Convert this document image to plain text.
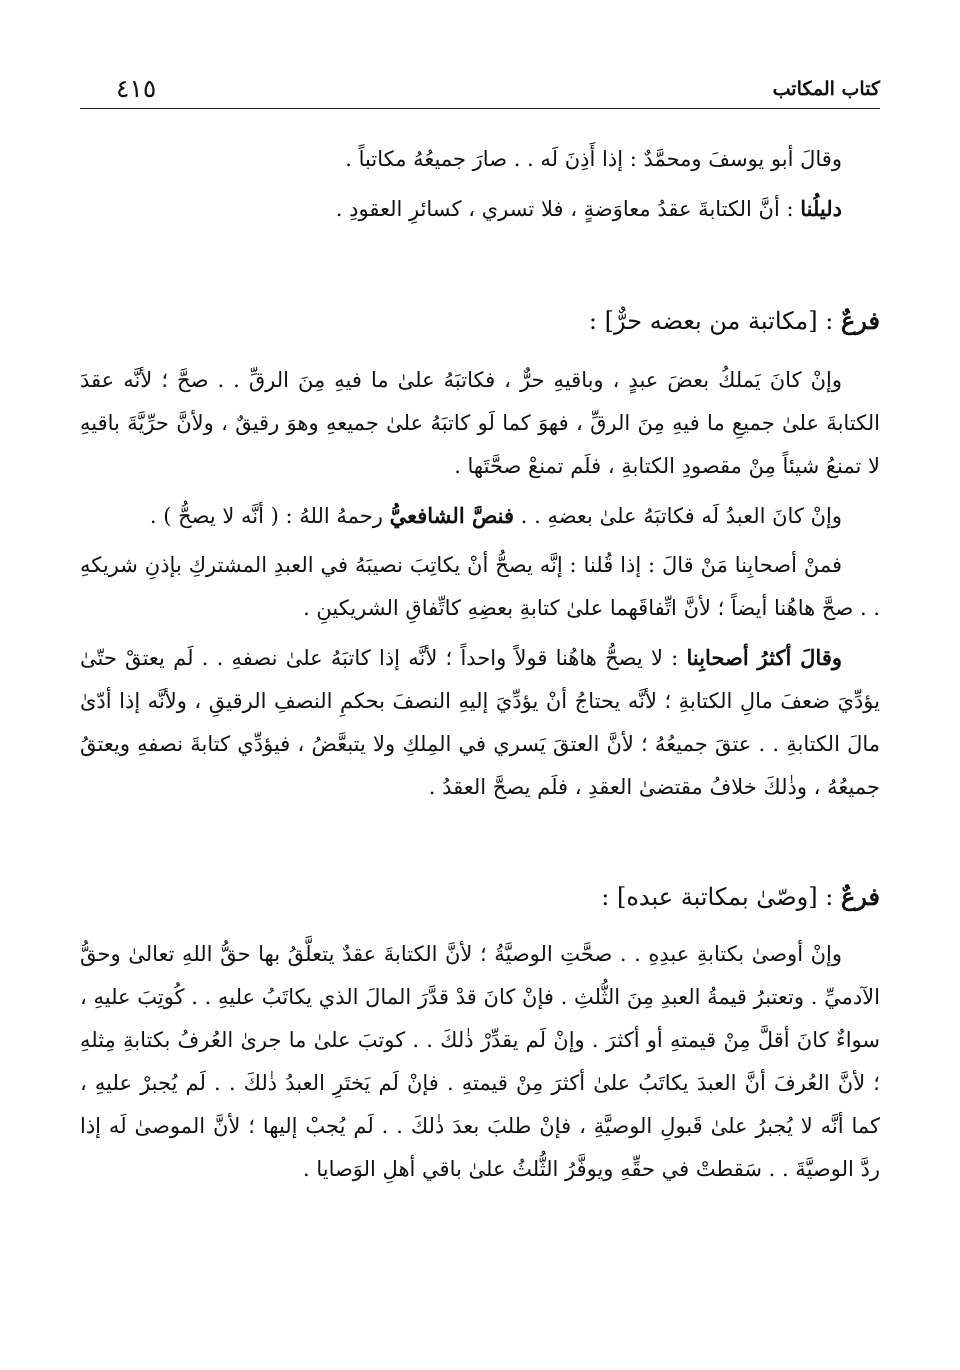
كتاب المكاتب
٤١٥

وقالَ أبو يوسفَ ومحمَّدٌ : إذا أَذِنَ لَه . . صارَ جميعُهُ مكاتباً .

دليلُنا : أنَّ الكتابةَ عقدُ معاوَضةٍ ، فلا تسري ، كسائرِ العقودِ .

فرعٌ : [مكاتبة من بعضه حرٌّ] :

وإنْ كانَ يَملكُ بعضَ عبدٍ ، وباقيهِ حرٌّ ، فكاتبَهُ علىٰ ما فيهِ مِنَ الرقِّ . . صحَّ ؛ لأنَّه عقدَ الكتابةَ علىٰ جميعِ ما فيهِ مِنَ الرقِّ ، فهوَ كما لَو كاتبَهُ علىٰ جميعهِ وهوَ رقيقٌ ، ولأنَّ حرِّيَّةَ باقيهِ لا تمنعُ شيئاً مِنْ مقصودِ الكتابةِ ، فلَم تمنعْ صحَّتَها .

وإنْ كانَ العبدُ لَه فكاتبَهُ علىٰ بعضهِ . . فنصَّ الشافعيُّ رحمهُ اللهُ : ( أنَّه لا يصحُّ ) .

فمنْ أصحابِنا مَنْ قالَ : إذا قُلنا : إنَّه يصحُّ أنْ يكاتِبَ نصيبَهُ في العبدِ المشتركِ بإذنِ شريكهِ . . صحَّ هاهُنا أيضاً ؛ لأنَّ اتِّفاقَهما علىٰ كتابةِ بعضِهِ كاتِّفاقِ الشريكينِ .

وقالَ أكثرُ أصحابِنا : لا يصحُّ هاهُنا قولاً واحداً ؛ لأنَّه إذا كاتبَهُ علىٰ نصفهِ . . لَم يعتقْ حتّىٰ يؤدِّيَ ضعفَ مالِ الكتابةِ ؛ لأنَّه يحتاجُ أنْ يؤدِّيَ إليهِ النصفَ بحكمِ النصفِ الرقيقِ ، ولأنَّه إذا أدّىٰ مالَ الكتابةِ . . عتقَ جميعُهُ ؛ لأنَّ العتقَ يَسري في المِلكِ ولا يتبعَّضُ ، فيؤدِّي كتابةَ نصفهِ ويعتقُ جميعُهُ ، وذٰلكَ خلافُ مقتضىٰ العقدِ ، فلَم يصحَّ العقدُ .

فرعٌ : [وصّىٰ بمكاتبة عبده] :

وإنْ أوصىٰ بكتابةِ عبدِهِ . . صحَّتِ الوصيَّةُ ؛ لأنَّ الكتابةَ عقدٌ يتعلَّقُ بها حقُّ اللهِ تعالىٰ وحقُّ الآدميِّ . وتعتبرُ قيمةُ العبدِ مِنَ الثُّلثِ . فإنْ كانَ قدْ قدَّرَ المالَ الذي يكاتَبُ عليهِ . . كُوتِبَ عليهِ ، سواءٌ كانَ أقلَّ مِنْ قيمتهِ أو أكثرَ . وإنْ لَم يقدِّرْ ذٰلكَ . . كوتبَ علىٰ ما جرىٰ العُرفُ بكتابةِ مِثلهِ ؛ لأنَّ العُرفَ أنَّ العبدَ يكاتَبُ علىٰ أكثرَ مِنْ قيمتهِ . فإنْ لَم يَختَرِ العبدُ ذٰلكَ . . لَم يُجبرْ عليهِ ، كما أنَّه لا يُجبرُ علىٰ قَبولِ الوصيَّةِ ، فإنْ طلبَ بعدَ ذٰلكَ . . لَم يُجبْ إليها ؛ لأنَّ الموصىٰ لَه إذا ردَّ الوصيَّةَ . . سَقطتْ في حقِّهِ ويوفَّرُ الثُّلثُ علىٰ باقي أهلِ الوَصايا .
